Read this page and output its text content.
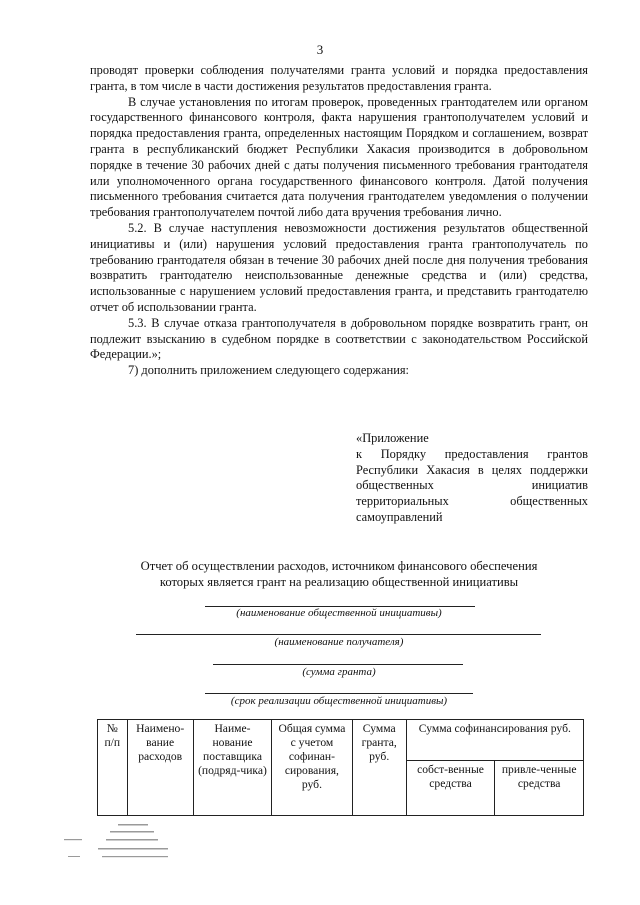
3

проводят проверки соблюдения получателями гранта условий и порядка предоставления гранта, в том числе в части достижения результатов предоставления гранта.

В случае установления по итогам проверок, проведенных грантодателем или органом государственного финансового контроля, факта нарушения грантополучателем условий и порядка предоставления гранта, определенных настоящим Порядком и соглашением, возврат гранта в республиканский бюджет Республики Хакасия производится в добровольном порядке в течение 30 рабочих дней с даты получения письменного требования грантодателя или уполномоченного органа государственного финансового контроля. Датой получения письменного требования считается дата получения грантодателем уведомления о получении требования грантополучателем почтой либо дата вручения требования лично.

5.2. В случае наступления невозможности достижения результатов общественной инициативы и (или) нарушения условий предоставления гранта грантополучатель по требованию грантодателя обязан в течение 30 рабочих дней после дня получения требования возвратить грантодателю неиспользованные денежные средства и (или) средства, использованные с нарушением условий предоставления гранта, и представить грантодателю отчет об использовании гранта.

5.3. В случае отказа грантополучателя в добровольном порядке возвратить грант, он подлежит взысканию в судебном порядке в соответствии с законодательством Российской Федерации.»;

7) дополнить приложением следующего содержания:

«Приложение

к Порядку предоставления грантов Республики Хакасия в целях поддержки общественных инициатив территориальных общественных самоуправлений

Отчет об осуществлении расходов, источником финансового обеспечения

которых является грант на реализацию общественной инициативы

(наименование общественной инициативы)
(наименование получателя)
(сумма гранта)
(срок реализации общественной инициативы)
№ п/п	Наимено-вание расходов	Наиме-нование поставщика (подряд-чика)	Общая сумма с учетом софинан-сирования, руб.	Сумма гранта, руб.	Сумма софинансирования руб.	
					собст-венные средства	привле-ченные средства
